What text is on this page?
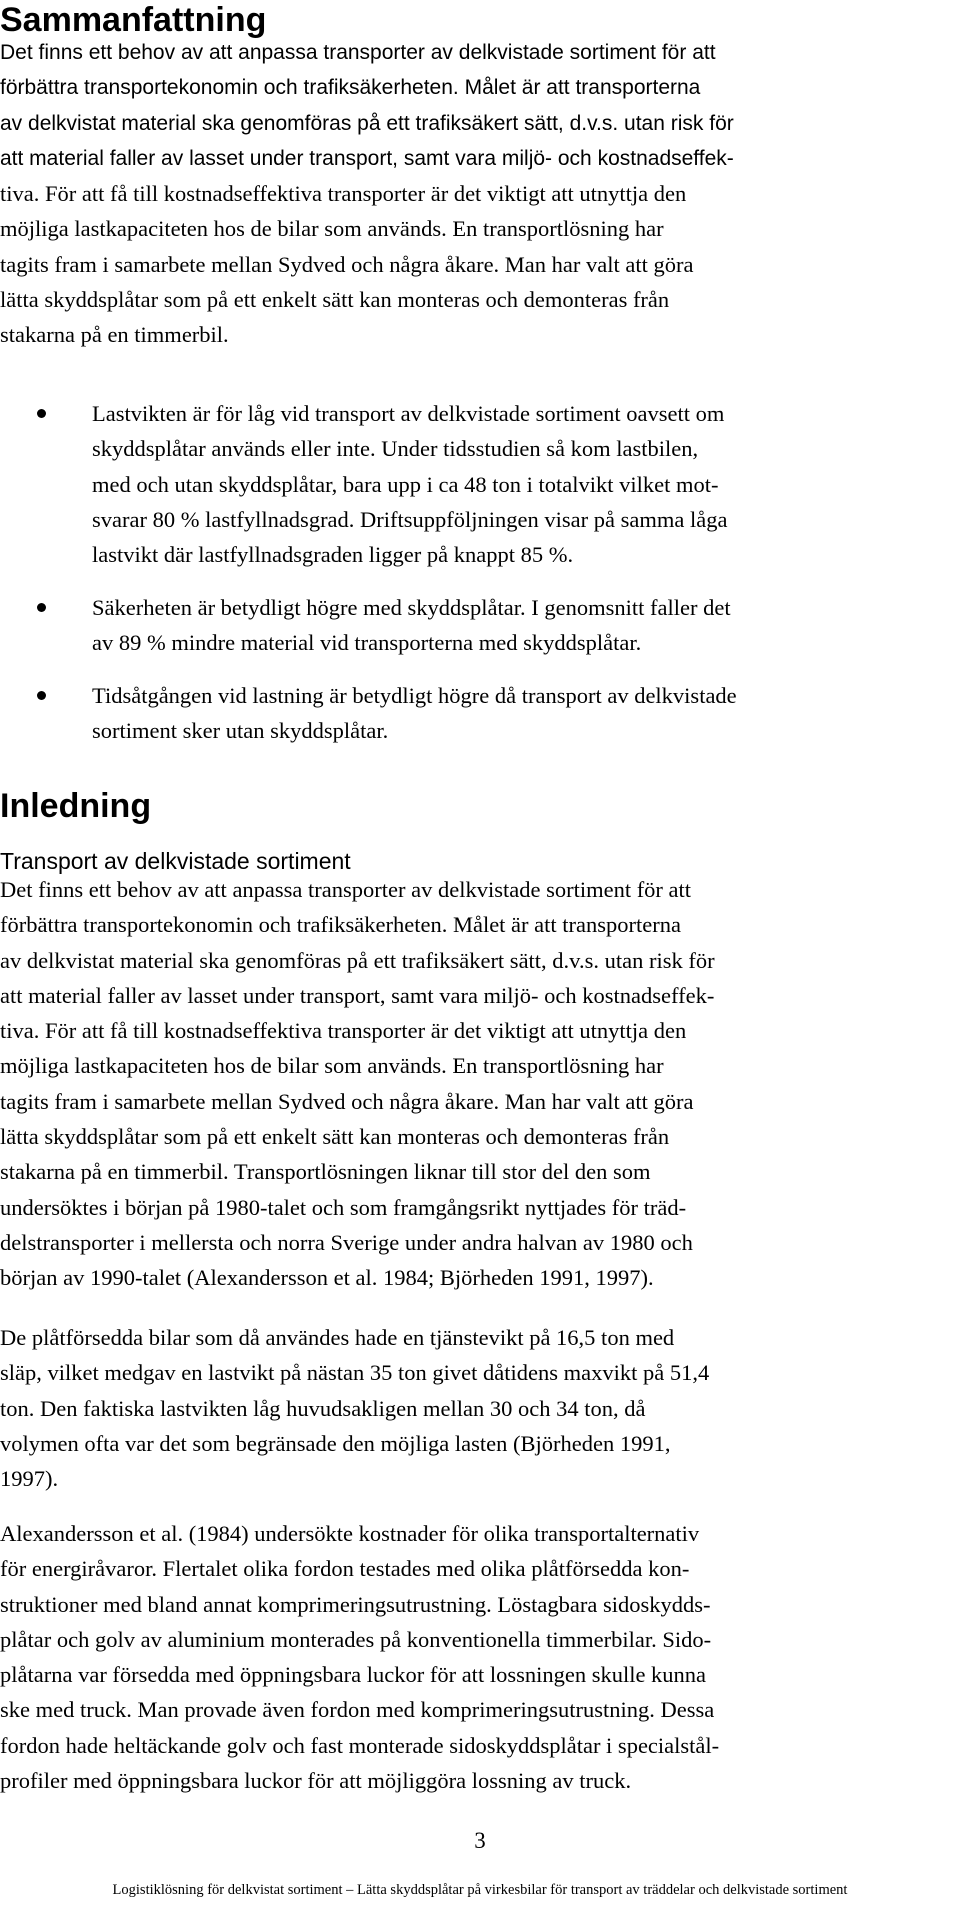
Sammanfattning
Det finns ett behov av att anpassa transporter av delkvistade sortiment för att
förbättra transportekonomin och trafiksäkerheten. Målet är att transporterna
av delkvistat material ska genomföras på ett trafiksäkert sätt, d.v.s. utan risk för
att material faller av lasset under transport, samt vara miljö- och kostnadseffek-
tiva. För att få till kostnadseffektiva transporter är det viktigt att utnyttja den
möjliga lastkapaciteten hos de bilar som används. En transportlösning har
tagits fram i samarbete mellan Sydved och några åkare. Man har valt att göra
lätta skyddsplåtar som på ett enkelt sätt kan monteras och demonteras från
stakarna på en timmerbil.
Lastvikten är för låg vid transport av delkvistade sortiment oavsett om
skyddsplåtar används eller inte. Under tidsstudien så kom lastbilen,
med och utan skyddsplåtar, bara upp i ca 48 ton i totalvikt vilket mot-
svarar 80 % lastfyllnadsgrad. Driftsuppföljningen visar på samma låga
lastvikt där lastfyllnadsgraden ligger på knappt 85 %.
Säkerheten är betydligt högre med skyddsplåtar. I genomsnitt faller det
av 89 % mindre material vid transporterna med skyddsplåtar.
Tidsåtgången vid lastning är betydligt högre då transport av delkvistade
sortiment sker utan skyddsplåtar.
Inledning
Transport av delkvistade sortiment
Det finns ett behov av att anpassa transporter av delkvistade sortiment för att
förbättra transportekonomin och trafiksäkerheten. Målet är att transporterna
av delkvistat material ska genomföras på ett trafiksäkert sätt, d.v.s. utan risk för
att material faller av lasset under transport, samt vara miljö- och kostnadseffek-
tiva. För att få till kostnadseffektiva transporter är det viktigt att utnyttja den
möjliga lastkapaciteten hos de bilar som används. En transportlösning har
tagits fram i samarbete mellan Sydved och några åkare. Man har valt att göra
lätta skyddsplåtar som på ett enkelt sätt kan monteras och demonteras från
stakarna på en timmerbil. Transportlösningen liknar till stor del den som
undersöktes i början på 1980-talet och som framgångsrikt nyttjades för träd-
delstransporter i mellersta och norra Sverige under andra halvan av 1980 och
början av 1990-talet (Alexandersson et al. 1984; Björheden 1991, 1997).
De plåtförsedda bilar som då användes hade en tjänstevikt på 16,5 ton med
släp, vilket medgav en lastvikt på nästan 35 ton givet dåtidens maxvikt på 51,4
ton. Den faktiska lastvikten låg huvudsakligen mellan 30 och 34 ton, då
volymen ofta var det som begränsade den möjliga lasten (Björheden 1991,
1997).
Alexandersson et al. (1984) undersökte kostnader för olika transportalternativ
för energiråvaror. Flertalet olika fordon testades med olika plåtförsedda kon-
struktioner med bland annat komprimeringsutrustning. Löstagbara sidoskydds-
plåtar och golv av aluminium monterades på konventionella timmerbilar. Sido-
plåtarna var försedda med öppningsbara luckor för att lossningen skulle kunna
ske med truck. Man provade även fordon med komprimeringsutrustning. Dessa
fordon hade heltäckande golv och fast monterade sidoskyddsplåtar i specialstål-
profiler med öppningsbara luckor för att möjliggöra lossning av truck.
3
Logistiklösning för delkvistat sortiment – Lätta skyddsplåtar på virkesbilar för transport av träddelar och delkvistade sortiment
